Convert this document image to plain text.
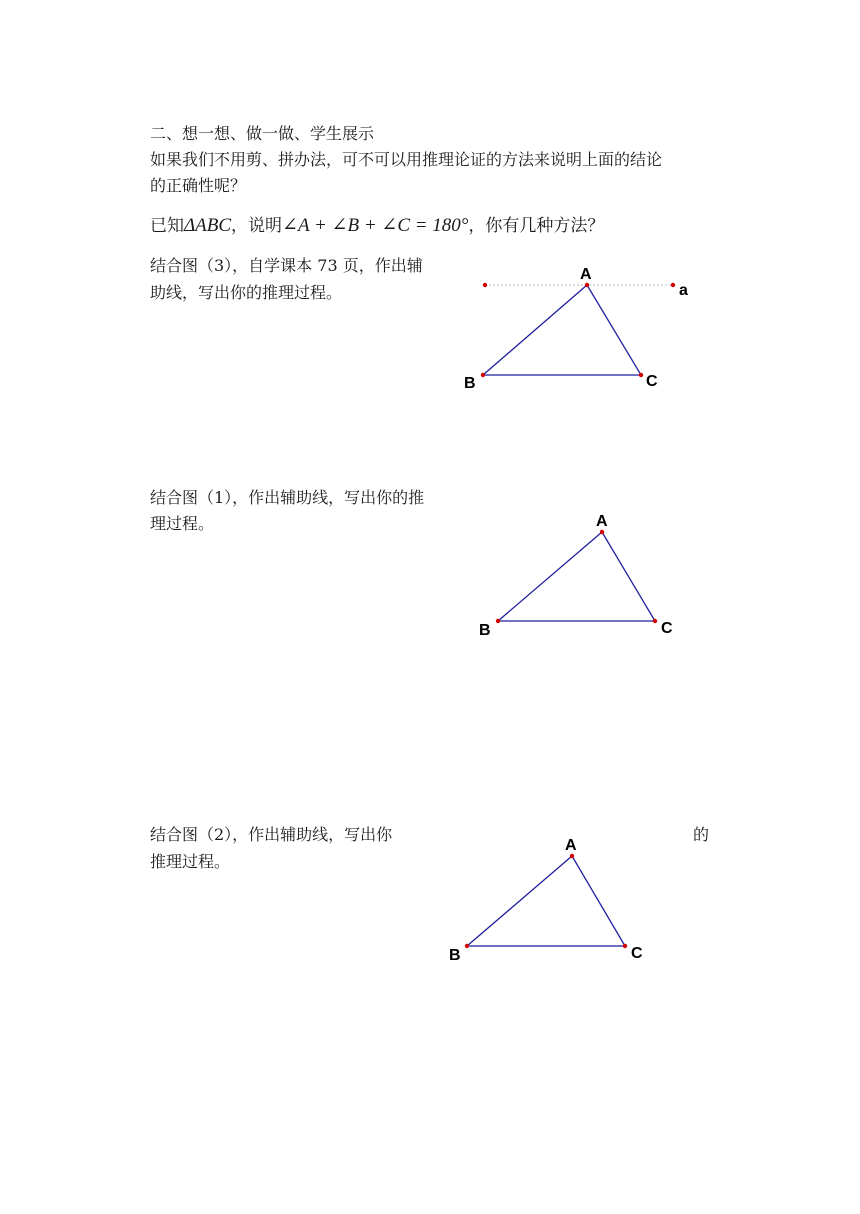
二、想一想、做一做、学生展示
如果我们不用剪、拼办法，可不可以用推理论证的方法来说明上面的结论
的正确性呢？
已知ΔABC，说明∠A + ∠B + ∠C = 180°，你有几种方法？
结合图（3），自学课本 73 页，作出辅
助线，写出你的推理过程。
A
B	C
a
A
B	C
A
B	C
结合图（1），作出辅助线，写出你的推
理过程。
结合图（2），作出辅助线，写出你	的
推理过程。
